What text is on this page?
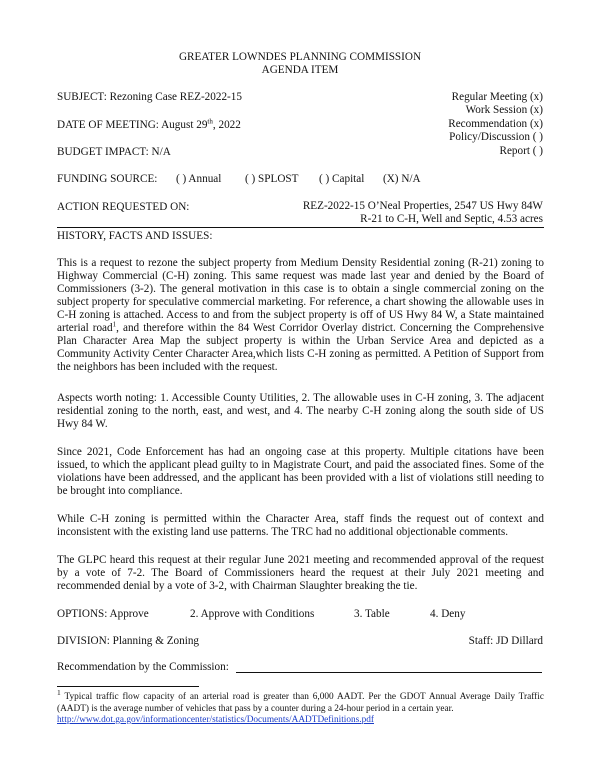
GREATER LOWNDES PLANNING COMMISSION
AGENDA ITEM
SUBJECT: Rezoning Case REZ-2022-15
DATE OF MEETING: August 29th, 2022
BUDGET IMPACT: N/A
Regular Meeting (x)
Work Session (x)
Recommendation (x)
Policy/Discussion ( )
Report ( )
FUNDING SOURCE: ( ) Annual ( ) SPLOST ( ) Capital (X) N/A
ACTION REQUESTED ON:	REZ-2022-15 O’Neal Properties, 2547 US Hwy 84W
R-21 to C-H, Well and Septic, 4.53 acres
HISTORY, FACTS AND ISSUES:
This is a request to rezone the subject property from Medium Density Residential zoning (R-21) zoning to Highway Commercial (C-H) zoning. This same request was made last year and denied by the Board of Commissioners (3-2). The general motivation in this case is to obtain a single commercial zoning on the subject property for speculative commercial marketing. For reference, a chart showing the allowable uses in C-H zoning is attached. Access to and from the subject property is off of US Hwy 84 W, a State maintained arterial road$^1$, and therefore within the 84 West Corridor Overlay district. Concerning the Comprehensive Plan Character Area Map the subject property is within the Urban Service Area and depicted as a Community Activity Center Character Area,which lists C-H zoning as permitted. A Petition of Support from the neighbors has been included with the request.
Aspects worth noting: 1. Accessible County Utilities, 2. The allowable uses in C-H zoning, 3. The adjacent residential zoning to the north, east, and west, and 4. The nearby C-H zoning along the south side of US Hwy 84 W.
Since 2021, Code Enforcement has had an ongoing case at this property. Multiple citations have been issued, to which the applicant plead guilty to in Magistrate Court, and paid the associated fines. Some of the violations have been addressed, and the applicant has been provided with a list of violations still needing to be brought into compliance.
While C-H zoning is permitted within the Character Area, staff finds the request out of context and inconsistent with the existing land use patterns. The TRC had no additional objectionable comments.
The GLPC heard this request at their regular June 2021 meeting and recommended approval of the request by a vote of 7-2. The Board of Commissioners heard the request at their July 2021 meeting and recommended denial by a vote of 3-2, with Chairman Slaughter breaking the tie.
OPTIONS: Approve	2. Approve with Conditions	3. Table	4. Deny
DIVISION: Planning & Zoning	Staff: JD Dillard
Recommendation by the Commission:
$^1$ Typical traffic flow capacity of an arterial road is greater than 6,000 AADT. Per the GDOT Annual Average Daily Traffic (AADT) is the average number of vehicles that pass by a counter during a 24-hour period in a certain year.
http://www.dot.ga.gov/informationcenter/statistics/Documents/AADTDefinitions.pdf
